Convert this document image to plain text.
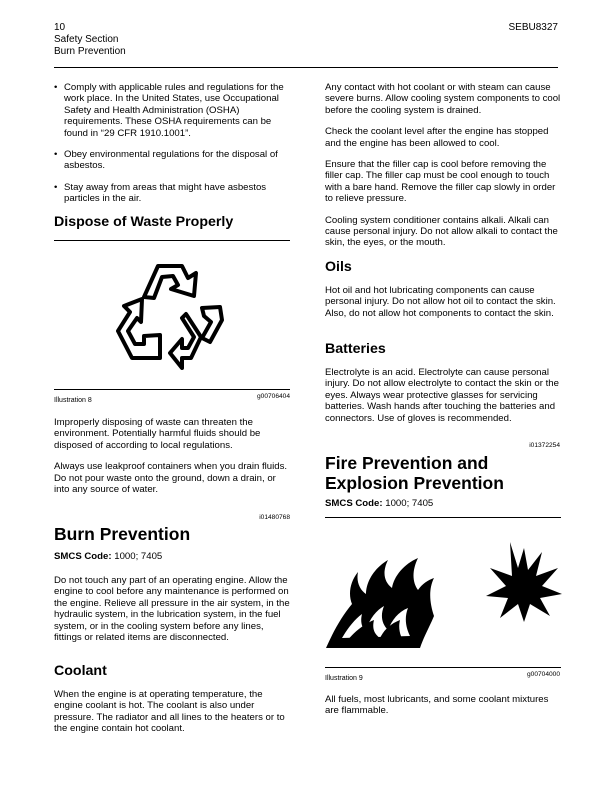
10
Safety Section
Burn Prevention
SEBU8327
• Comply with applicable rules and regulations for the work place. In the United States, use Occupational Safety and Health Administration (OSHA) requirements. These OSHA requirements can be found in “29 CFR 1910.1001”.
• Obey environmental regulations for the disposal of asbestos.
• Stay away from areas that might have asbestos particles in the air.
Dispose of Waste Properly
Illustration 8
g00706404

Improperly disposing of waste can threaten the environment. Potentially harmful fluids should be disposed of according to local regulations.

Always use leakproof containers when you drain fluids. Do not pour waste onto the ground, down a drain, or into any source of water.

i01480768
Burn Prevention
SMCS Code: 1000; 7405
Do not touch any part of an operating engine. Allow the engine to cool before any maintenance is performed on the engine. Relieve all pressure in the air system, in the hydraulic system, in the lubrication system, in the fuel system, or in the cooling system before any lines, fittings or related items are disconnected.
Coolant
When the engine is at operating temperature, the engine coolant is hot. The coolant is also under pressure. The radiator and all lines to the heaters or to the engine contain hot coolant.

Any contact with hot coolant or with steam can cause severe burns. Allow cooling system components to cool before the cooling system is drained.

Check the coolant level after the engine has stopped and the engine has been allowed to cool.

Ensure that the filler cap is cool before removing the filler cap. The filler cap must be cool enough to touch with a bare hand. Remove the filler cap slowly in order to relieve pressure.

Cooling system conditioner contains alkali. Alkali can cause personal injury. Do not allow alkali to contact the skin, the eyes, or the mouth.

Oils
Hot oil and hot lubricating components can cause personal injury. Do not allow hot oil to contact the skin. Also, do not allow hot components to contact the skin.
Batteries
Electrolyte is an acid. Electrolyte can cause personal injury. Do not allow electrolyte to contact the skin or the eyes. Always wear protective glasses for servicing batteries. Wash hands after touching the batteries and connectors. Use of gloves is recommended.
i01372254
Fire Prevention and Explosion Prevention
SMCS Code: 1000; 7405
Illustration 9
g00704000
All fuels, most lubricants, and some coolant mixtures are flammable.
